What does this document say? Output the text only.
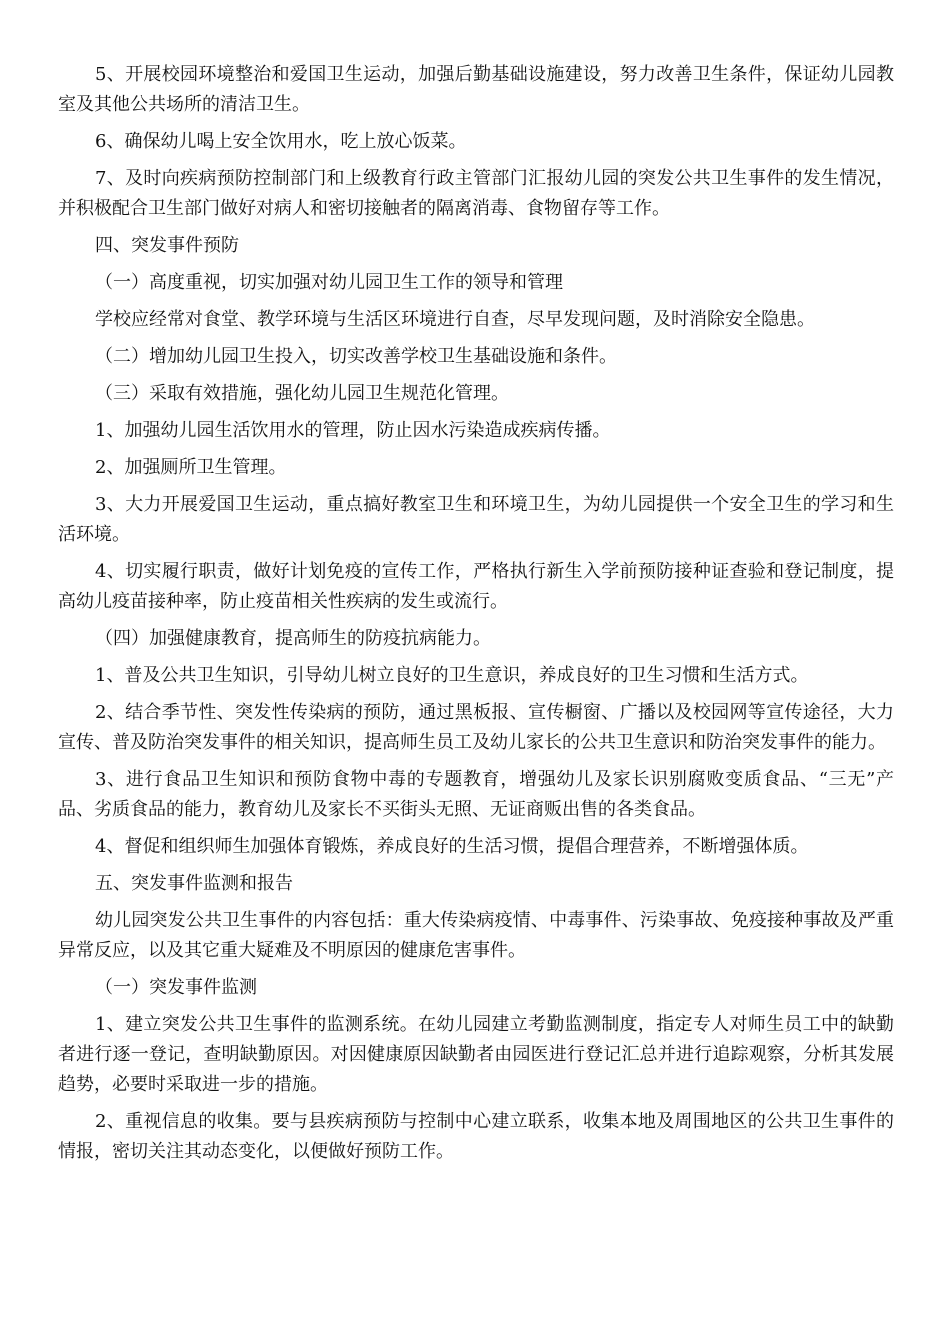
5、开展校园环境整治和爱国卫生运动，加强后勤基础设施建设，努力改善卫生条件，保证幼儿园教室及其他公共场所的清洁卫生。

6、确保幼儿喝上安全饮用水，吃上放心饭菜。

7、及时向疾病预防控制部门和上级教育行政主管部门汇报幼儿园的突发公共卫生事件的发生情况，并积极配合卫生部门做好对病人和密切接触者的隔离消毒、食物留存等工作。

四、突发事件预防

（一）高度重视，切实加强对幼儿园卫生工作的领导和管理

学校应经常对食堂、教学环境与生活区环境进行自查，尽早发现问题，及时消除安全隐患。

（二）增加幼儿园卫生投入，切实改善学校卫生基础设施和条件。

（三）采取有效措施，强化幼儿园卫生规范化管理。

1、加强幼儿园生活饮用水的管理，防止因水污染造成疾病传播。

2、加强厕所卫生管理。

3、大力开展爱国卫生运动，重点搞好教室卫生和环境卫生，为幼儿园提供一个安全卫生的学习和生活环境。

4、切实履行职责，做好计划免疫的宣传工作，严格执行新生入学前预防接种证查验和登记制度，提高幼儿疫苗接种率，防止疫苗相关性疾病的发生或流行。

（四）加强健康教育，提高师生的防疫抗病能力。

1、普及公共卫生知识，引导幼儿树立良好的卫生意识，养成良好的卫生习惯和生活方式。

2、结合季节性、突发性传染病的预防，通过黑板报、宣传橱窗、广播以及校园网等宣传途径，大力宣传、普及防治突发事件的相关知识，提高师生员工及幼儿家长的公共卫生意识和防治突发事件的能力。

3、进行食品卫生知识和预防食物中毒的专题教育，增强幼儿及家长识别腐败变质食品、“三无”产品、劣质食品的能力，教育幼儿及家长不买街头无照、无证商贩出售的各类食品。

4、督促和组织师生加强体育锻炼，养成良好的生活习惯，提倡合理营养，不断增强体质。

五、突发事件监测和报告

幼儿园突发公共卫生事件的内容包括：重大传染病疫情、中毒事件、污染事故、免疫接种事故及严重异常反应，以及其它重大疑难及不明原因的健康危害事件。

（一）突发事件监测

1、建立突发公共卫生事件的监测系统。在幼儿园建立考勤监测制度，指定专人对师生员工中的缺勤者进行逐一登记，查明缺勤原因。对因健康原因缺勤者由园医进行登记汇总并进行追踪观察，分析其发展趋势，必要时采取进一步的措施。

2、重视信息的收集。要与县疾病预防与控制中心建立联系，收集本地及周围地区的公共卫生事件的情报，密切关注其动态变化，以便做好预防工作。
